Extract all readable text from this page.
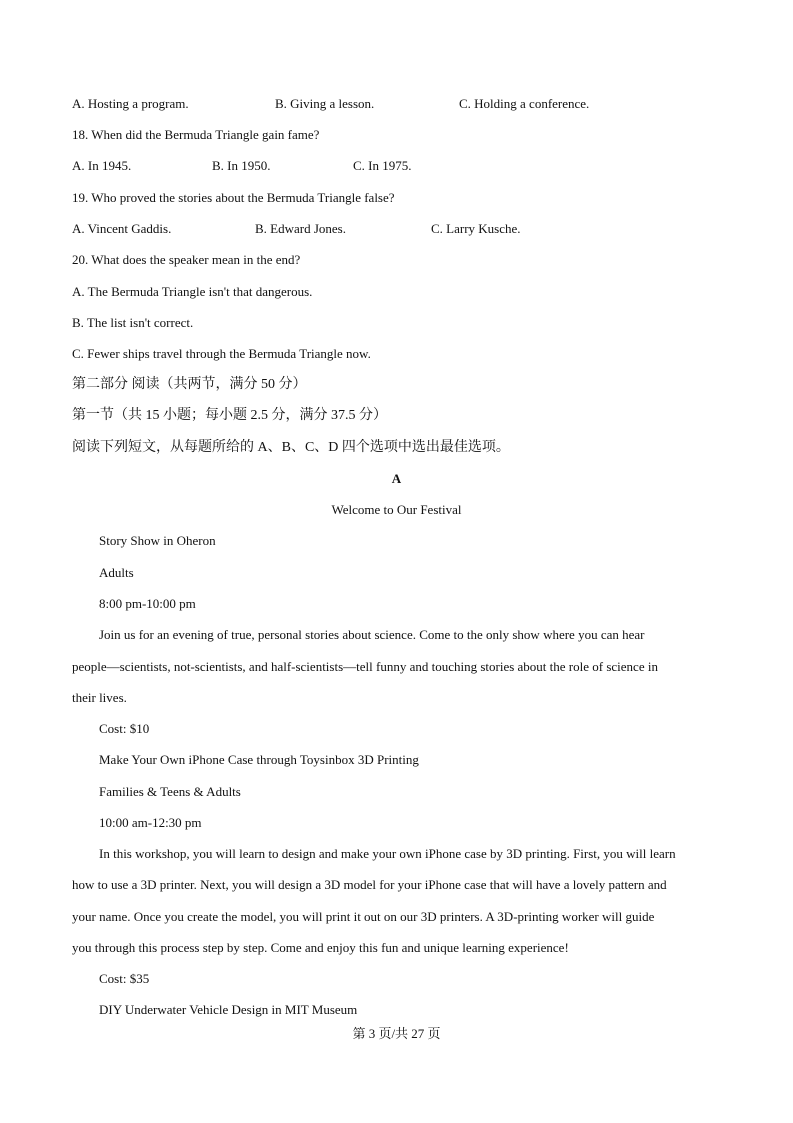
A. Hosting a program.	B. Giving a lesson.	C. Holding a conference.
18. When did the Bermuda Triangle gain fame?
A. In 1945.	B. In 1950.	C. In 1975.
19. Who proved the stories about the Bermuda Triangle false?
A. Vincent Gaddis.	B. Edward Jones.	C. Larry Kusche.
20. What does the speaker mean in the end?
A. The Bermuda Triangle isn't that dangerous.
B. The list isn't correct.
C. Fewer ships travel through the Bermuda Triangle now.
第二部分 阅读（共两节，满分 50 分）
第一节（共 15 小题；每小题 2.5 分，满分 37.5 分）
阅读下列短文，从每题所给的 A、B、C、D 四个选项中选出最佳选项。
A
Welcome to Our Festival
Story Show in Oheron
Adults
8:00 pm-10:00 pm
Join us for an evening of true, personal stories about science. Come to the only show where you can hear
people—scientists, not-scientists, and half-scientists—tell funny and touching stories about the role of science in
their lives.
Cost: $10
Make Your Own iPhone Case through Toysinbox 3D Printing
Families & Teens & Adults
10:00 am-12:30 pm
In this workshop, you will learn to design and make your own iPhone case by 3D printing. First, you will learn
how to use a 3D printer. Next, you will design a 3D model for your iPhone case that will have a lovely pattern and
your name. Once you create the model, you will print it out on our 3D printers. A 3D-printing worker will guide
you through this process step by step. Come and enjoy this fun and unique learning experience!
Cost: $35
DIY Underwater Vehicle Design in MIT Museum
第 3 页/共 27 页
